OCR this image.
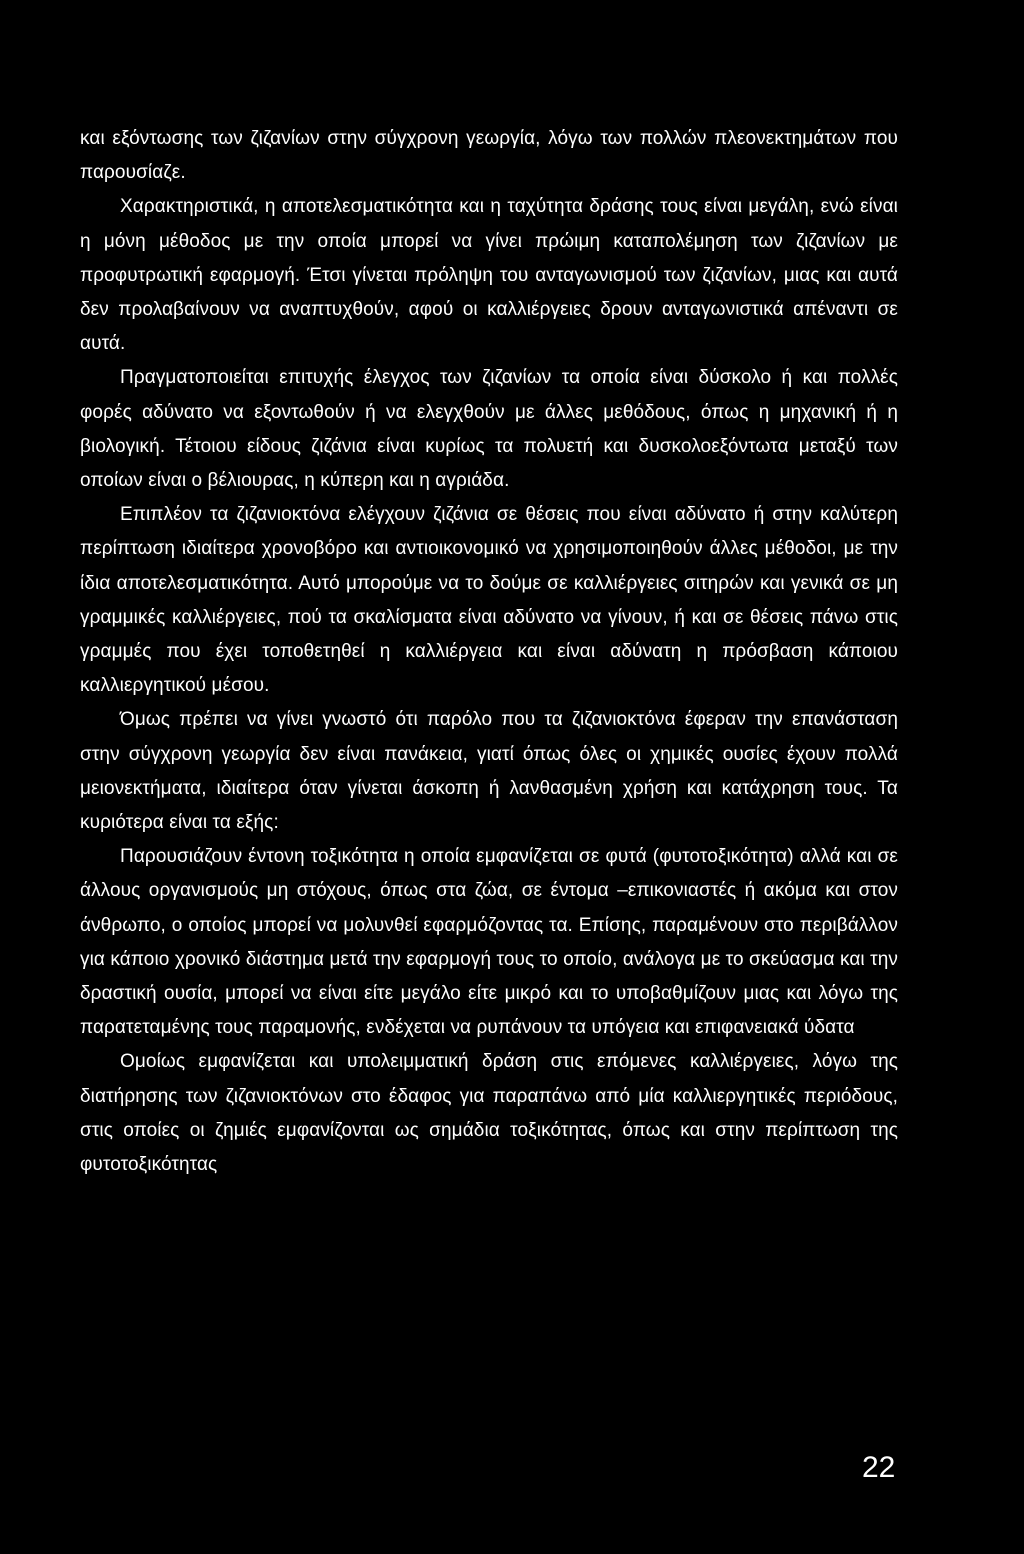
και εξόντωσης των ζιζανίων στην σύγχρονη γεωργία, λόγω των πολλών πλεονεκτημάτων που παρουσίαζε.

Χαρακτηριστικά, η αποτελεσματικότητα και η ταχύτητα δράσης τους είναι μεγάλη, ενώ είναι η μόνη μέθοδος με την οποία μπορεί να γίνει πρώιμη καταπολέμηση των ζιζανίων με προφυτρωτική εφαρμογή. Έτσι γίνεται πρόληψη του ανταγωνισμού των ζιζανίων, μιας και αυτά δεν προλαβαίνουν να αναπτυχθούν, αφού οι καλλιέργειες δρουν ανταγωνιστικά απέναντι σε αυτά.

Πραγματοποιείται επιτυχής έλεγχος των ζιζανίων τα οποία είναι δύσκολο ή και πολλές φορές αδύνατο να εξοντωθούν ή να ελεγχθούν με άλλες μεθόδους, όπως η μηχανική ή η βιολογική. Τέτοιου είδους ζιζάνια είναι κυρίως τα πολυετή και δυσκολοεξόντωτα μεταξύ των οποίων είναι ο βέλιουρας, η κύπερη και η αγριάδα.

Επιπλέον τα ζιζανιοκτόνα ελέγχουν ζιζάνια σε θέσεις που είναι αδύνατο ή στην καλύτερη περίπτωση ιδιαίτερα χρονοβόρο και αντιοικονομικό να χρησιμοποιηθούν άλλες μέθοδοι, με την ίδια αποτελεσματικότητα. Αυτό μπορούμε να το δούμε σε καλλιέργειες σιτηρών και γενικά σε μη γραμμικές καλλιέργειες, πού τα σκαλίσματα είναι αδύνατο να γίνουν, ή και σε θέσεις πάνω στις γραμμές που έχει τοποθετηθεί η καλλιέργεια και είναι αδύνατη η πρόσβαση κάποιου καλλιεργητικού μέσου.

Όμως πρέπει να γίνει γνωστό ότι παρόλο που τα ζιζανιοκτόνα έφεραν την επανάσταση στην σύγχρονη γεωργία δεν είναι πανάκεια, γιατί όπως όλες οι χημικές ουσίες έχουν πολλά μειονεκτήματα, ιδιαίτερα όταν γίνεται άσκοπη ή λανθασμένη χρήση και κατάχρηση τους. Τα κυριότερα είναι τα εξής:

Παρουσιάζουν έντονη τοξικότητα η οποία εμφανίζεται σε φυτά (φυτοτοξικότητα) αλλά και σε άλλους οργανισμούς μη στόχους, όπως στα ζώα, σε έντομα –επικονιαστές ή ακόμα και στον άνθρωπο, ο οποίος μπορεί να μολυνθεί εφαρμόζοντας τα. Επίσης, παραμένουν στο περιβάλλον για κάποιο χρονικό διάστημα μετά την εφαρμογή τους το οποίο, ανάλογα με το σκεύασμα και την δραστική ουσία, μπορεί να είναι είτε μεγάλο είτε μικρό και το υποβαθμίζουν μιας και λόγω της παρατεταμένης τους παραμονής, ενδέχεται να ρυπάνουν τα υπόγεια και επιφανειακά ύδατα

Ομοίως εμφανίζεται και υπολειμματική δράση στις επόμενες καλλιέργειες, λόγω της διατήρησης των ζιζανιοκτόνων στο έδαφος για παραπάνω από μία καλλιεργητικές περιόδους, στις οποίες οι ζημιές εμφανίζονται ως σημάδια τοξικότητας, όπως και στην περίπτωση της φυτοτοξικότητας

22
